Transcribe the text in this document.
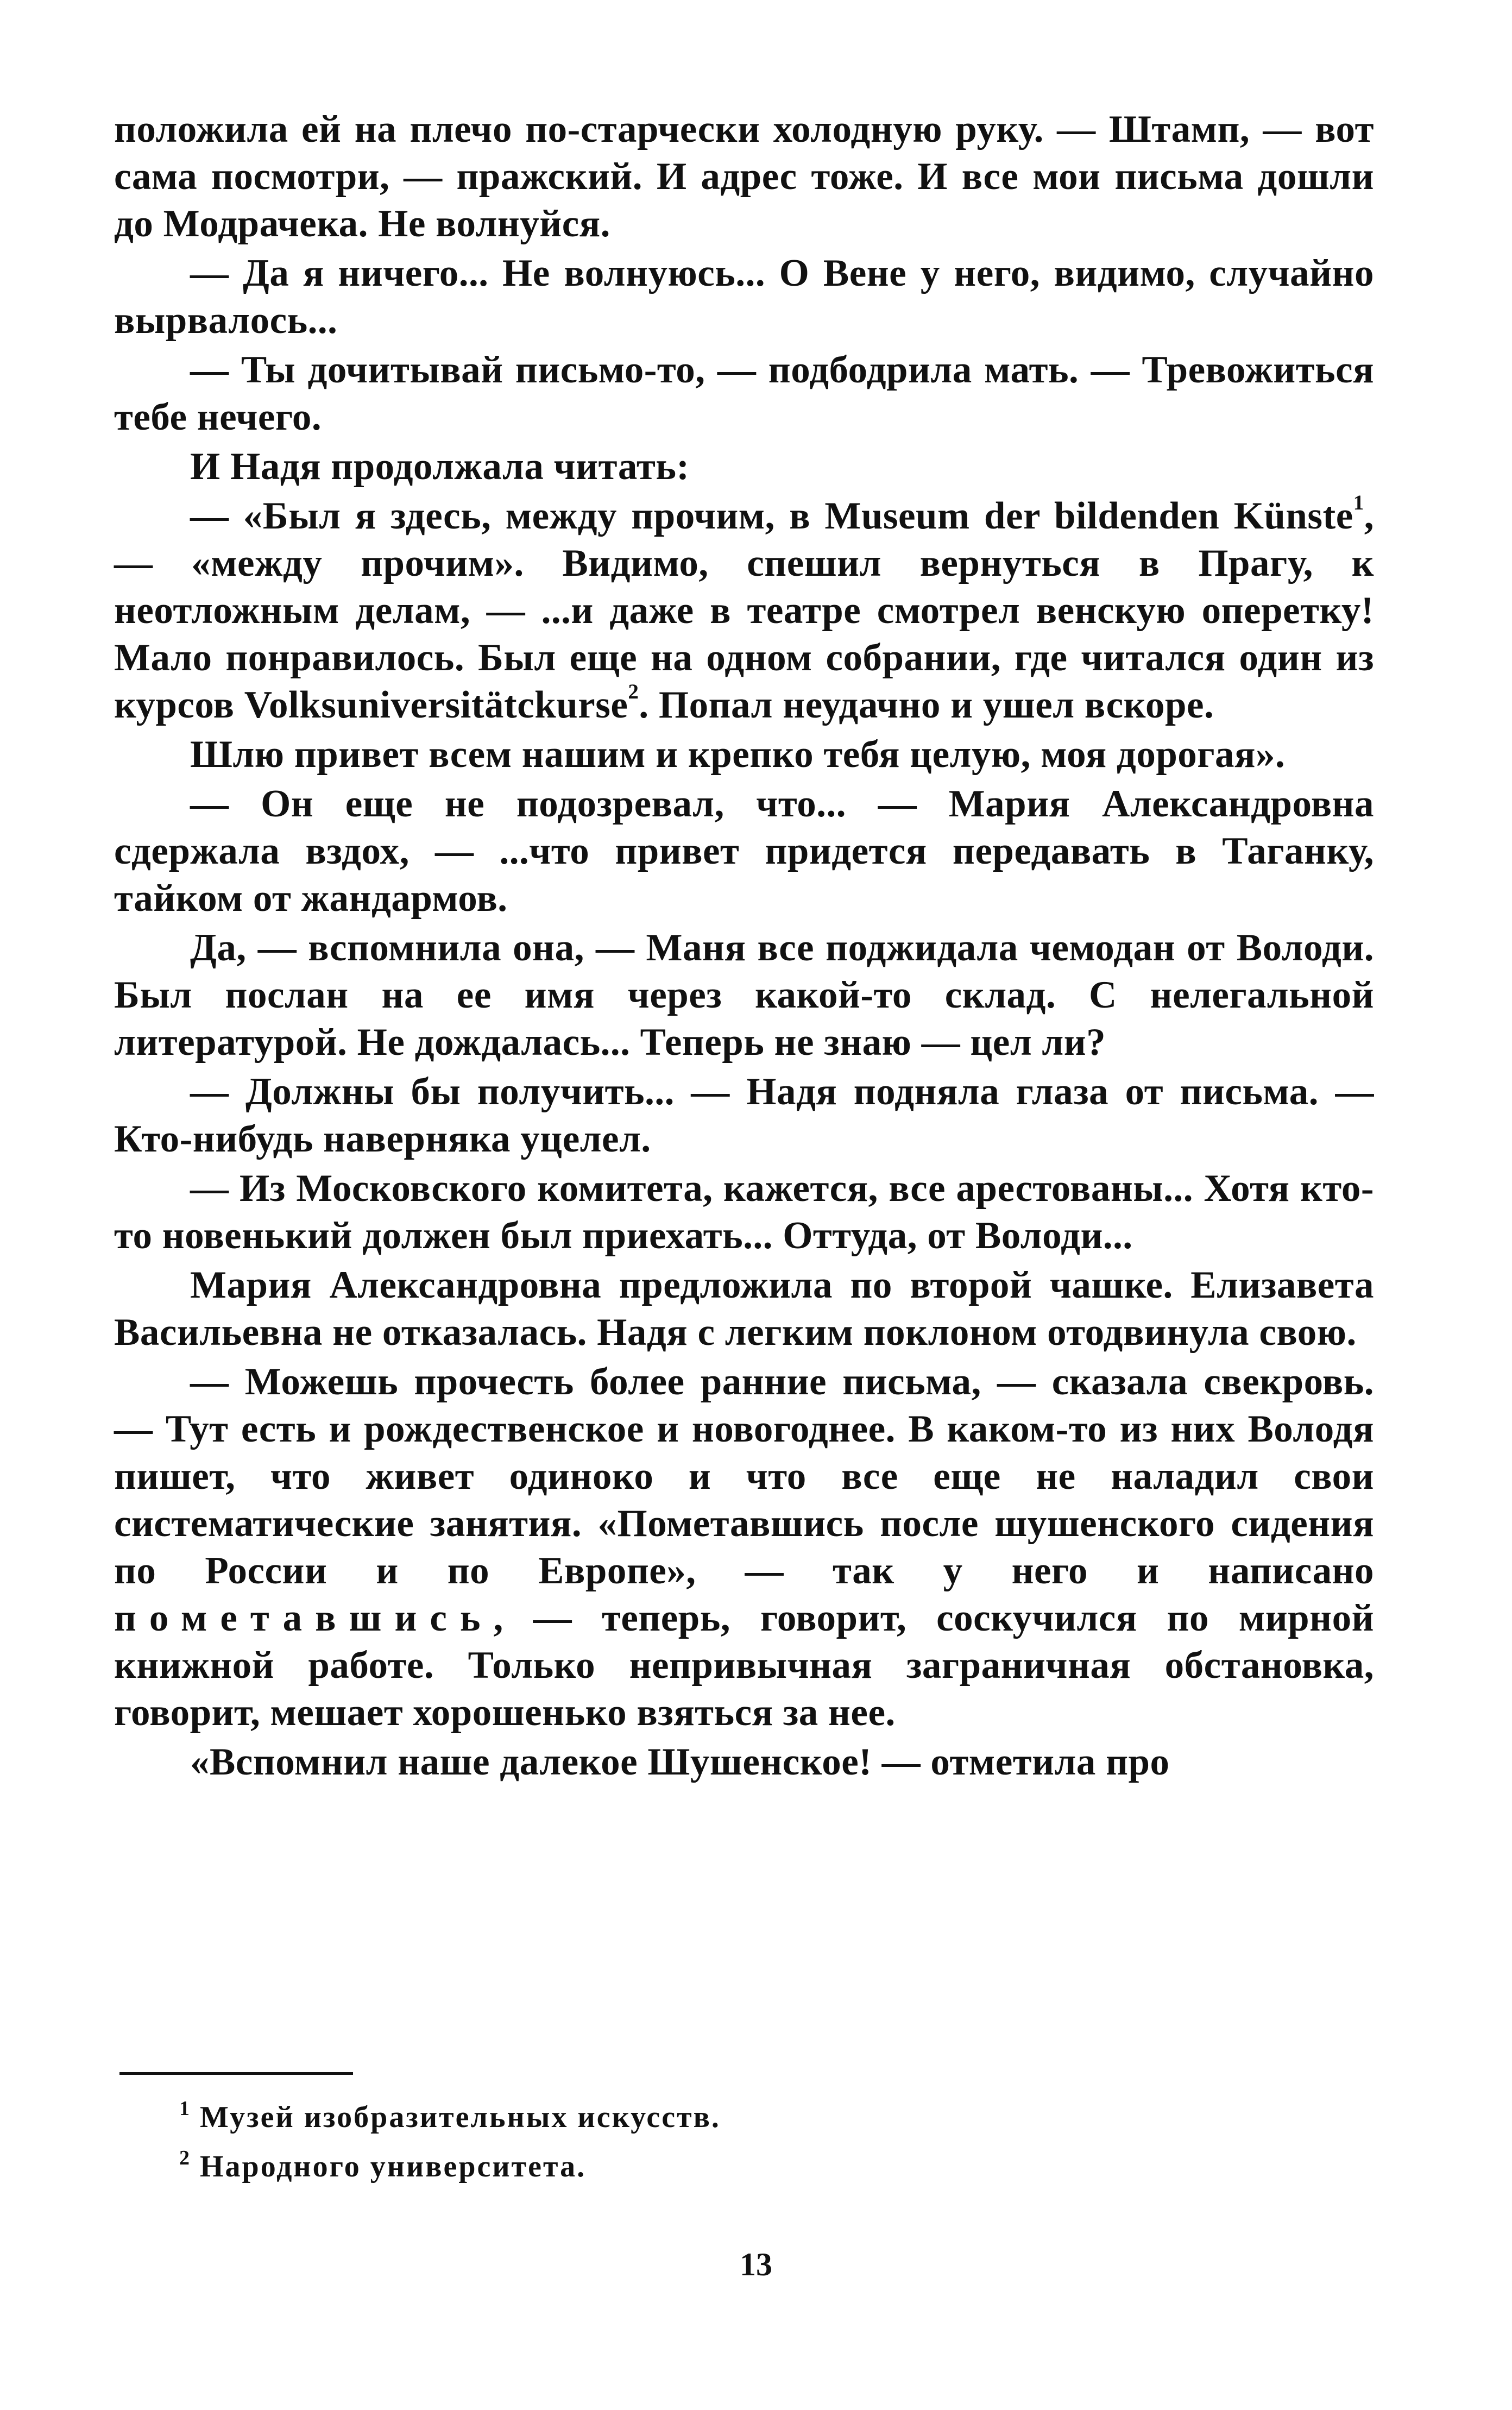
положила ей на плечо по-старчески холодную руку. — Штамп, — вот сама посмотри, — пражский. И адрес тоже. И все мои письма дошли до Модрачека. Не волнуйся.

— Да я ничего... Не волнуюсь... О Вене у него, видимо, случайно вырвалось...

— Ты дочитывай письмо-то, — подбодрила мать. — Тревожиться тебе нечего.

И Надя продолжала читать:

— «Был я здесь, между прочим, в Museum der bildenden Künste$^1$, — «между прочим». Видимо, спешил вернуться в Прагу, к неотложным делам, — ...и даже в театре смотрел венскую оперетку! Мало понравилось. Был еще на одном собрании, где читался один из курсов Volksuniversitätckurse$^2$. Попал неудачно и ушел вскоре.

Шлю привет всем нашим и крепко тебя целую, моя дорогая».

— Он еще не подозревал, что... — Мария Александровна сдержала вздох, — ...что привет придется передавать в Таганку, тайком от жандармов.

Да, — вспомнила она, — Маня все поджидала чемодан от Володи. Был послан на ее имя через какой-то склад. С нелегальной литературой. Не дождалась... Теперь не знаю — цел ли?

— Должны бы получить... — Надя подняла глаза от письма. — Кто-нибудь наверняка уцелел.

— Из Московского комитета, кажется, все арестованы... Хотя кто-то новенький должен был приехать... Оттуда, от Володи...

Мария Александровна предложила по второй чашке. Елизавета Васильевна не отказалась. Надя с легким поклоном отодвинула свою.

— Можешь прочесть более ранние письма, — сказала свекровь. — Тут есть и рождественское и новогоднее. В каком-то из них Володя пишет, что живет одиноко и что все еще не наладил свои систематические занятия. «Пометавшись после шушенского сидения по России и по Европе», — так у него и написано пометавшись, — теперь, говорит, соскучился по мирной книжной работе. Только непривычная заграничная обстановка, говорит, мешает хорошенько взяться за нее.

«Вспомнил наше далекое Шушенское! — отметила про

$^1$ Музей изобразительных искусств.
$^2$ Народного университета.
13
